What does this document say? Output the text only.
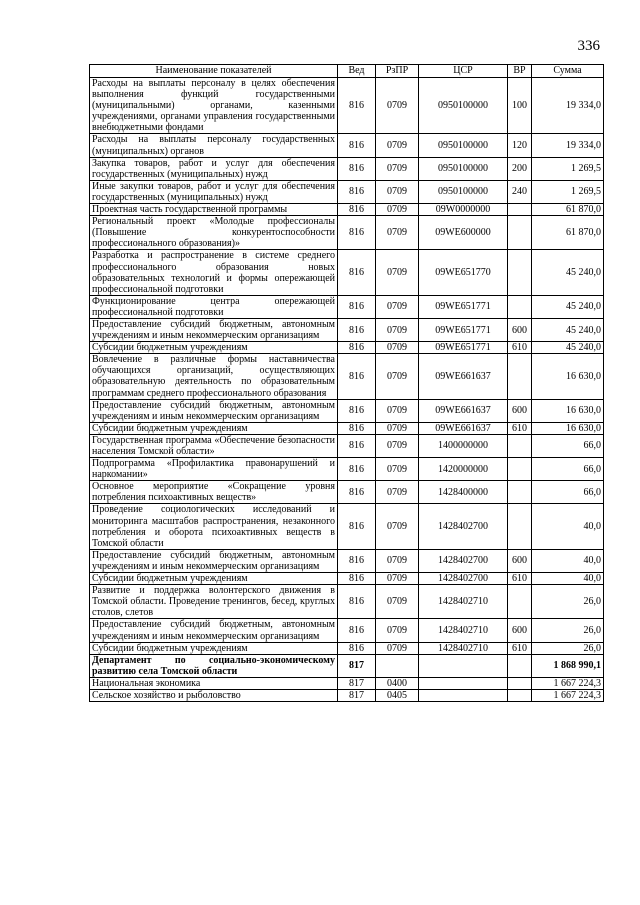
336
Наименование показателей	Вед	РзПР	ЦСР	ВР	Сумма
Расходы на выплаты персоналу в целях обеспечения выполнения функций государственными (муниципальными) органами, казенными учреждениями, органами управления государственными внебюджетными фондами	816	0709	0950100000	100	19 334,0
Расходы на выплаты персоналу государственных (муниципальных) органов	816	0709	0950100000	120	19 334,0
Закупка товаров, работ и услуг для обеспечения государственных (муниципальных) нужд	816	0709	0950100000	200	1 269,5
Иные закупки товаров, работ и услуг для обеспечения государственных (муниципальных) нужд	816	0709	0950100000	240	1 269,5
Проектная часть государственной программы	816	0709	09W0000000		61 870,0
Региональный проект «Молодые профессионалы (Повышение конкурентоспособности профессионального образования)»	816	0709	09WE600000		61 870,0
Разработка и распространение в системе среднего профессионального образования новых образовательных технологий и формы опережающей профессиональной подготовки	816	0709	09WE651770		45 240,0
Функционирование центра опережающей профессиональной подготовки	816	0709	09WE651771		45 240,0
Предоставление субсидий бюджетным, автономным учреждениям и иным некоммерческим организациям	816	0709	09WE651771	600	45 240,0
Субсидии бюджетным учреждениям	816	0709	09WE651771	610	45 240,0
Вовлечение в различные формы наставничества обучающихся организаций, осуществляющих образовательную деятельность по образовательным программам среднего профессионального образования	816	0709	09WE661637		16 630,0
Предоставление субсидий бюджетным, автономным учреждениям и иным некоммерческим организациям	816	0709	09WE661637	600	16 630,0
Субсидии бюджетным учреждениям	816	0709	09WE661637	610	16 630,0
Государственная программа «Обеспечение безопасности населения Томской области»	816	0709	1400000000		66,0
Подпрограмма «Профилактика правонарушений и наркомании»	816	0709	1420000000		66,0
Основное мероприятие «Сокращение уровня потребления психоактивных веществ»	816	0709	1428400000		66,0
Проведение социологических исследований и мониторинга масштабов распространения, незаконного потребления и оборота психоактивных веществ в Томской области	816	0709	1428402700		40,0
Предоставление субсидий бюджетным, автономным учреждениям и иным некоммерческим организациям	816	0709	1428402700	600	40,0
Субсидии бюджетным учреждениям	816	0709	1428402700	610	40,0
Развитие и поддержка волонтерского движения в Томской области. Проведение тренингов, бесед, круглых столов, слетов	816	0709	1428402710		26,0
Предоставление субсидий бюджетным, автономным учреждениям и иным некоммерческим организациям	816	0709	1428402710	600	26,0
Субсидии бюджетным учреждениям	816	0709	1428402710	610	26,0
Департамент по социально-экономическому развитию села Томской области	817				1 868 990,1
Национальная экономика	817	0400			1 667 224,3
Сельское хозяйство и рыболовство	817	0405			1 667 224,3
